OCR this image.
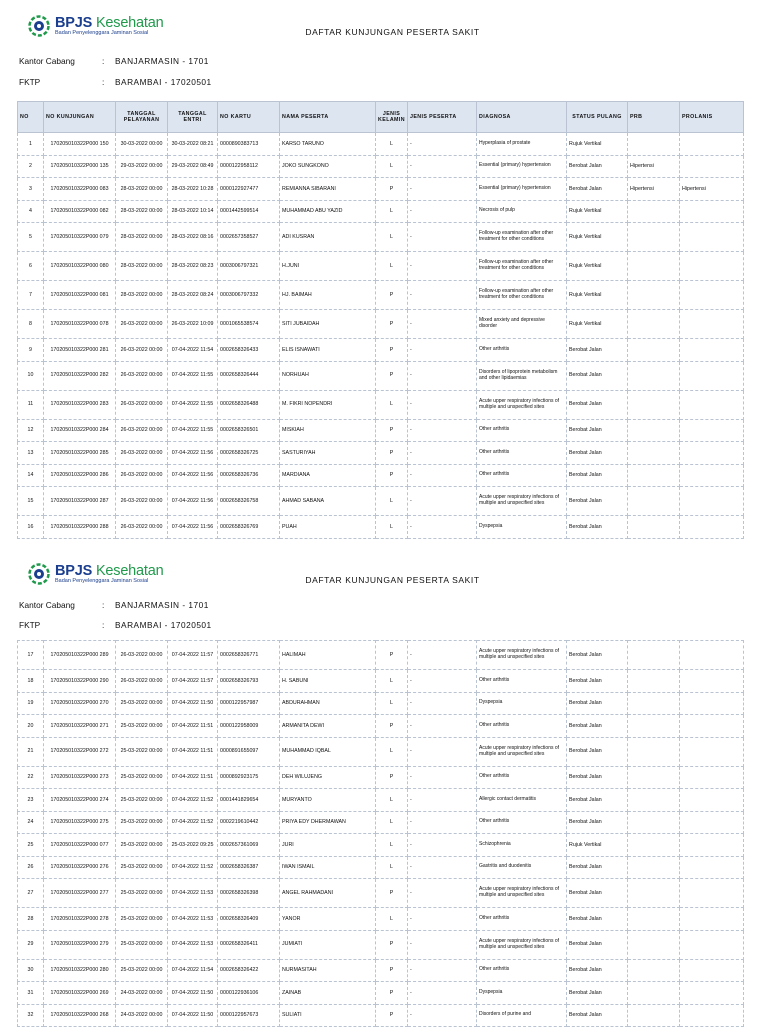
BPJS Kesehatan
Badan Penyelenggara Jaminan Sosial	DAFTAR KUNJUNGAN PESERTA SAKIT
Kantor Cabang	: BANJARMASIN - 1701
FKTP	: BARAMBAI - 17020501
NO	NO KUNJUNGAN	TANGGAL PELAYANAN	TANGGAL ENTRI	NO KARTU	NAMA PESERTA	JENIS KELAMIN	JENIS PESERTA	DIAGNOSA	STATUS PULANG	PRB	PROLANIS
1	170205010322P000 150	30-03-2022 00:00	30-03-2022 08:21	0000890383713	KARSO TARUNO	L	-	Hyperplasia of prostate	Rujuk Vertikal		
2	170205010322P000 135	29-03-2022 00:00	29-03-2022 08:49	0000122958112	JOKO SUNGKONO	L	-	Essential (primary) hypertension	Berobat Jalan	Hipertensi	
3	170205010322P000 083	28-03-2022 00:00	28-03-2022 10:28	0000122927477	REMIANNA SIBARANI	P	-	Essential (primary) hypertension	Berobat Jalan	Hipertensi	Hipertensi
4	170205010322P000 082	28-03-2022 00:00	28-03-2022 10:14	0001442599514	MUHAMMAD ABU YAZID	L	-	Necrosis of pulp	Rujuk Vertikal		
5	170205010322P000 079	28-03-2022 00:00	28-03-2022 08:16	0002657358527	ADI KUSRAN	L	-	Follow-up examination after other treatment for other conditions	Rujuk Vertikal		
6	170205010322P000 080	28-03-2022 00:00	28-03-2022 08:23	0003006797321	H.JUNI	L	-	Follow-up examination after other treatment for other conditions	Rujuk Vertikal		
7	170205010322P000 081	28-03-2022 00:00	28-03-2022 08:24	0003006797332	HJ. BAIMAH	P	-	Follow-up examination after other treatment for other conditions	Rujuk Vertikal		
8	170205010322P000 078	26-03-2022 00:00	26-03-2022 10:09	0001065538574	SITI JUBAIDAH	P	-	Mixed anxiety and depressive disorder	Rujuk Vertikal		
9	170205010322P000 281	26-03-2022 00:00	07-04-2022 11:54	0002658326433	ELIS ISNAWATI	P	-	Other arthritis	Berobat Jalan		
10	170205010322P000 282	26-03-2022 00:00	07-04-2022 11:55	0002658326444	NORHUAH	P	-	Disorders of lipoprotein metabolism and other lipidaemias	Berobat Jalan		
11	170205010322P000 283	26-03-2022 00:00	07-04-2022 11:55	0002658326488	M. FIKRI NOPENDRI	L	-	Acute upper respiratory infections of multiple and unspecified sites	Berobat Jalan		
12	170205010322P000 284	26-03-2022 00:00	07-04-2022 11:55	0002658326501	MISKIAH	P	-	Other arthritis	Berobat Jalan		
13	170205010322P000 285	26-03-2022 00:00	07-04-2022 11:56	0002658326725	SASTURIYAH	P	-	Other arthritis	Berobat Jalan		
14	170205010322P000 286	26-03-2022 00:00	07-04-2022 11:56	0002658326736	MARDIANA	P	-	Other arthritis	Berobat Jalan		
15	170205010322P000 287	26-03-2022 00:00	07-04-2022 11:56	0002658326758	AHMAD SABANA	L	-	Acute upper respiratory infections of multiple and unspecified sites	Berobat Jalan		
16	170205010322P000 288	26-03-2022 00:00	07-04-2022 11:56	0002658326769	PUAH	L	-	Dyspepsia	Berobat Jalan		
BPJS Kesehatan
Badan Penyelenggara Jaminan Sosial	DAFTAR KUNJUNGAN PESERTA SAKIT
Kantor Cabang	: BANJARMASIN - 1701
FKTP	: BARAMBAI - 17020501
17	170205010322P000 289	26-03-2022 00:00	07-04-2022 11:57	0002658326771	HALIMAH	P	-	Acute upper respiratory infections of multiple and unspecified sites	Berobat Jalan		
18	170205010322P000 290	26-03-2022 00:00	07-04-2022 11:57	0002658326793	H. SABUNI	L	-	Other arthritis	Berobat Jalan		
19	170205010322P000 270	25-03-2022 00:00	07-04-2022 11:50	0000122957987	ABDURAHMAN	L	-	Dyspepsia	Berobat Jalan		
20	170205010322P000 271	25-03-2022 00:00	07-04-2022 11:51	0000122958009	ARMANITA DEWI	P	-	Other arthritis	Berobat Jalan		
21	170205010322P000 272	25-03-2022 00:00	07-04-2022 11:51	0000891655097	MUHAMMAD IQBAL	L	-	Acute upper respiratory infections of multiple and unspecified sites	Berobat Jalan		
22	170205010322P000 273	25-03-2022 00:00	07-04-2022 11:51	0000892923175	DEH WILUJENG	P	-	Other arthritis	Berobat Jalan		
23	170205010322P000 274	25-03-2022 00:00	07-04-2022 11:52	0001441829654	MURYANTO	L	-	Allergic contact dermatitis	Berobat Jalan		
24	170205010322P000 275	25-03-2022 00:00	07-04-2022 11:52	0002219610442	PRIYA EDY DHERMAWAN	L	-	Other arthritis	Berobat Jalan		
25	170205010322P000 077	25-03-2022 00:00	25-03-2022 09:25	0002657361069	JURI	L	-	Schizophrenia	Rujuk Vertikal		
26	170205010322P000 276	25-03-2022 00:00	07-04-2022 11:52	0002658326387	IWAN ISMAIL	L	-	Gastritis and duodenitis	Berobat Jalan		
27	170205010322P000 277	25-03-2022 00:00	07-04-2022 11:53	0002658326398	ANGEL RAHMADANI	P	-	Acute upper respiratory infections of multiple and unspecified sites	Berobat Jalan		
28	170205010322P000 278	25-03-2022 00:00	07-04-2022 11:53	0002658326409	YANOR	L	-	Other arthritis	Berobat Jalan		
29	170205010322P000 279	25-03-2022 00:00	07-04-2022 11:53	0002658326411	JUMIATI	P	-	Acute upper respiratory infections of multiple and unspecified sites	Berobat Jalan		
30	170205010322P000 280	25-03-2022 00:00	07-04-2022 11:54	0002658326422	NURMASITAH	P	-	Other arthritis	Berobat Jalan		
31	170205010322P000 269	24-03-2022 00:00	07-04-2022 11:50	0000122936106	ZAINAB	P	-	Dyspepsia	Berobat Jalan		
32	170205010322P000 268	24-03-2022 00:00	07-04-2022 11:50	0000122957673	SULIATI	P	-	Disorders of purine and	Berobat Jalan		
